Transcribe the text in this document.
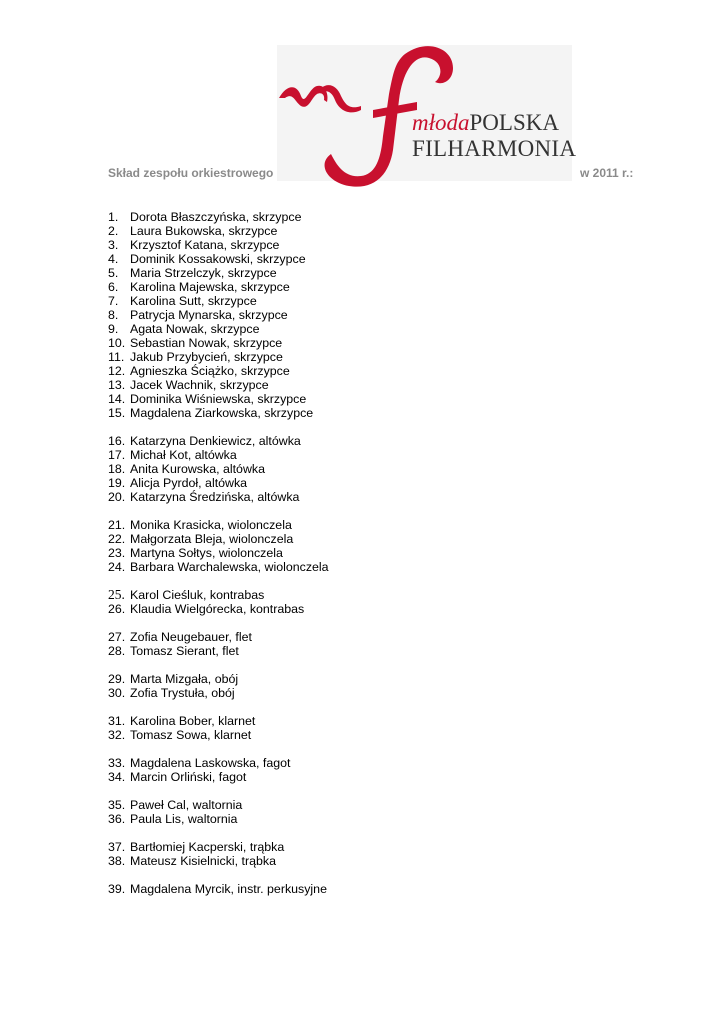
młodaPOLSKA
FILHARMONIA
Skład zespołu orkiestrowego	w 2011 r.:
1. Dorota Błaszczyńska, skrzypce
2. Laura Bukowska, skrzypce
3. Krzysztof Katana, skrzypce
4. Dominik Kossakowski, skrzypce
5. Maria Strzelczyk, skrzypce
6. Karolina Majewska, skrzypce
7. Karolina Sutt, skrzypce
8. Patrycja Mynarska, skrzypce
9. Agata Nowak, skrzypce
10. Sebastian Nowak, skrzypce
11. Jakub Przybycień, skrzypce
12. Agnieszka Ściążko, skrzypce
13. Jacek Wachnik, skrzypce
14. Dominika Wiśniewska, skrzypce
15. Magdalena Ziarkowska, skrzypce
16. Katarzyna Denkiewicz, altówka
17. Michał Kot, altówka
18. Anita Kurowska, altówka
19. Alicja Pyrdoł, altówka
20. Katarzyna Średzińska, altówka
21. Monika Krasicka, wiolonczela
22. Małgorzata Bleja, wiolonczela
23. Martyna Sołtys, wiolonczela
24. Barbara Warchalewska, wiolonczela
25. Karol Cieśluk, kontrabas
26. Klaudia Wielgórecka, kontrabas
27. Zofia Neugebauer, flet
28. Tomasz Sierant, flet
29. Marta Mizgała, obój
30. Zofia Trystuła, obój
31. Karolina Bober, klarnet
32. Tomasz Sowa, klarnet
33. Magdalena Laskowska, fagot
34. Marcin Orliński, fagot
35. Paweł Cal, waltornia
36. Paula Lis, waltornia
37. Bartłomiej Kacperski, trąbka
38. Mateusz Kisielnicki, trąbka
39. Magdalena Myrcik, instr. perkusyjne
